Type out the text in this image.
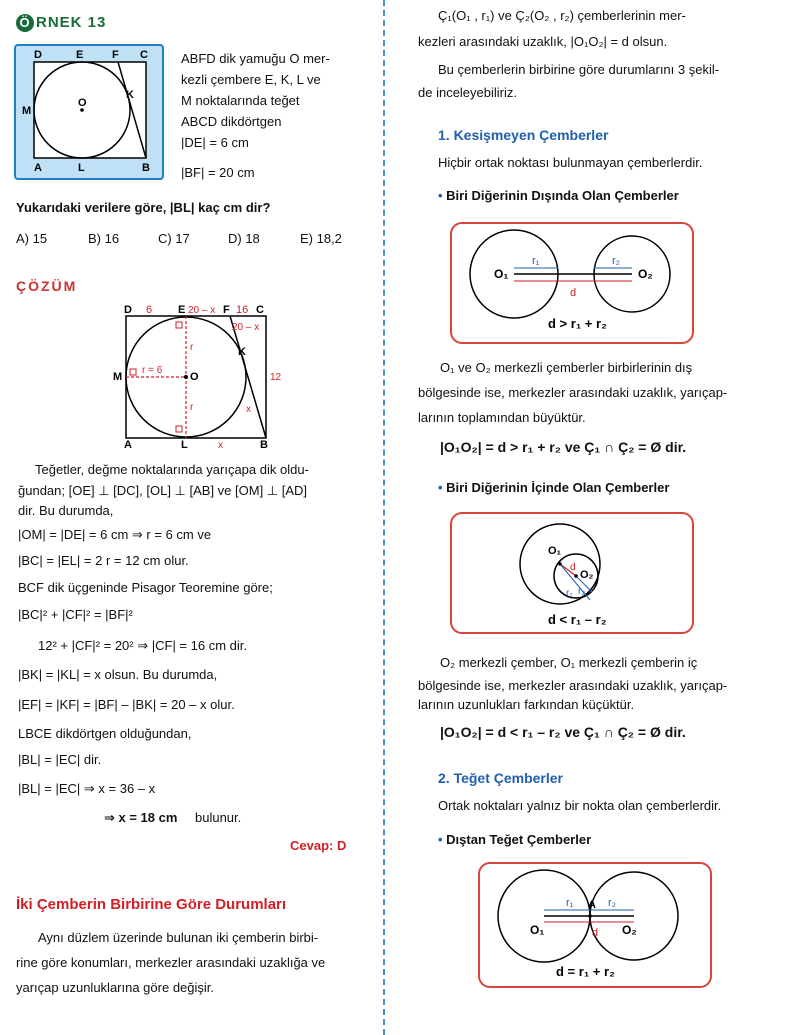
Ö RNEK 13
D	E	F C
M
O
K
A	L	B
ABFD dik yamuğu O mer-
kezli çembere E, K, L ve
M noktalarında teğet
ABCD dikdörtgen
|DE| = 6 cm
|BF| = 20 cm
Yukarıdaki verilere göre, |BL| kaç cm dir?
A) 15	B) 16	C) 17	D) 18	E) 18,2
ÇÖZÜM
D 6 E 20 – x F 16 C
20 – x
K
M
r = 6
O
r
r
12
x
A	L	x	B
Teğetler, değme noktalarında yarıçapa dik oldu-
ğundan; [OE] ⊥ [DC], [OL] ⊥ [AB] ve [OM] ⊥ [AD]
dir. Bu durumda,
|OM| = |DE| = 6 cm ⇒ r = 6 cm ve
|BC| = |EL| = 2 r = 12 cm olur.
BCF dik üçgeninde Pisagor Teoremine göre;
|BC|² + |CF|² = |BF|²
12² + |CF|² = 20² ⇒ |CF| = 16 cm dir.
|BK| = |KL| = x olsun. Bu durumda,
|EF| = |KF| = |BF| – |BK| = 20 – x olur.
LBCE dikdörtgen olduğundan,
|BL| = |EC| dir.
|BL| = |EC| ⇒ x = 36 – x
⇒ x = 18 cm bulunur.
Cevap: D
İki Çemberin Birbirine Göre Durumları
Aynı düzlem üzerinde bulunan iki çemberin birbi-
rine göre konumları, merkezler arasındaki uzaklığa ve
yarıçap uzunluklarına göre değişir.
Ç₁(O₁ , r₁) ve Ç₂(O₂ , r₂) çemberlerinin mer-
kezleri arasındaki uzaklık, |O₁O₂| = d olsun.
Bu çemberlerin birbirine göre durumlarını 3 şekil-
de inceleyebiliriz.
1. Kesişmeyen Çemberler
Hiçbir ortak noktası bulunmayan çemberlerdir.
• Biri Diğerinin Dışında Olan Çemberler
O₁	O₂
r₁	r₂
d
d > r₁ + r₂
O₁ ve O₂ merkezli çemberler birbirlerinin dış
bölgesinde ise, merkezler arasındaki uzaklık, yarıçap-
larının toplamından büyüktür.
|O₁O₂| = d > r₁ + r₂ ve Ç₁ ∩ Ç₂ = Ø dir.
• Biri Diğerinin İçinde Olan Çemberler
O₁
O₂
d
r₁ r₂
d < r₁ – r₂
O₂ merkezli çember, O₁ merkezli çemberin iç
bölgesinde ise, merkezler arasındaki uzaklık, yarıçap-
larının uzunlukları farkından küçüktür.
|O₁O₂| = d < r₁ – r₂ ve Ç₁ ∩ Ç₂ = Ø dir.
2. Teğet Çemberler
Ortak noktaları yalnız bir nokta olan çemberlerdir.
• Dıştan Teğet Çemberler
O₁	O₂
r₁	r₂
A
d
d = r₁ + r₂
